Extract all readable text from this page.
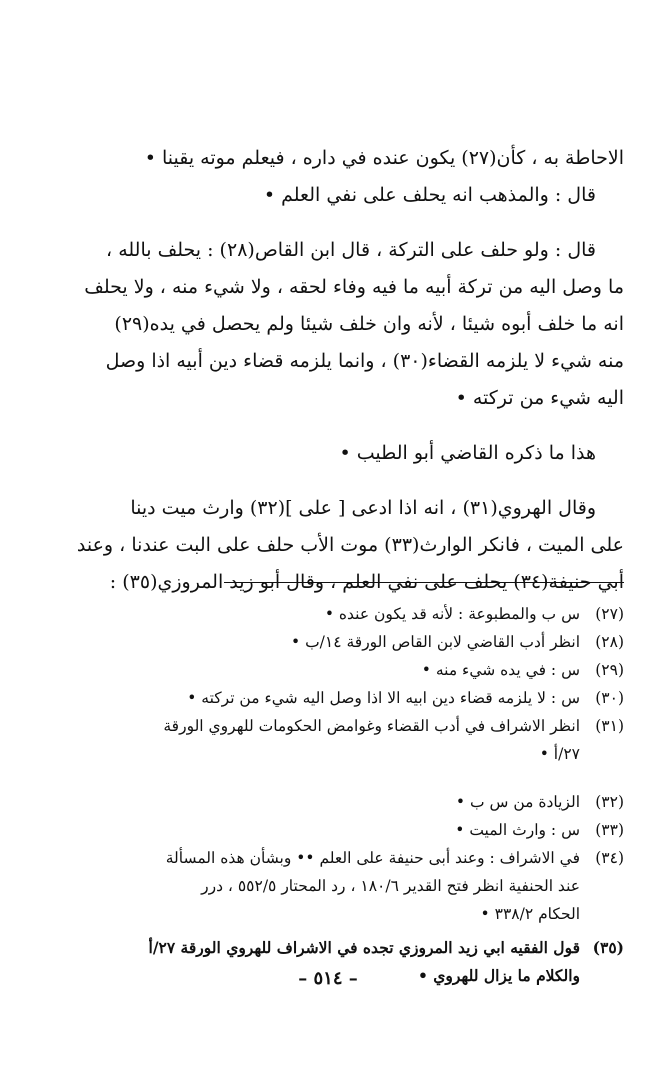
الاحاطة به ، كأن(٢٧) يكون عنده في داره ، فيعلم موته يقينا •
قال : والمذهب انه يحلف على نفي العلم •
قال : ولو حلف على التركة ، قال ابن القاص(٢٨) : يحلف بالله ،
ما وصل اليه من تركة أبيه ما فيه وفاء لحقه ، ولا شيء منه ، ولا يحلف
انه ما خلف أبوه شيئا ، لأنه وان خلف شيئا ولم يحصل في يده(٢٩)
منه شيء لا يلزمه القضاء(٣٠) ، وانما يلزمه قضاء دين أبيه اذا وصل
اليه شيء من تركته •
هذا ما ذكره القاضي أبو الطيب •
وقال الهروي(٣١) ، انه اذا ادعى [ على ](٣٢) وارث ميت دينا
على الميت ، فانكر الوارث(٣٣) موت الأب حلف على البت عندنا ، وعند
أبي حنيفة(٣٤) يحلف على نفي العلم ، وقال أبو زيد المروزي(٣٥) :
(٢٧)
س ب والمطبوعة : لأنه قد يكون عنده •
(٢٨)
انظر أدب القاضي لابن القاص الورقة ١٤/ب •
(٢٩)
س : في يده شيء منه •
(٣٠)
س : لا يلزمه قضاء دين ابيه الا اذا وصل اليه شيء من تركته •
(٣١)
انظر الاشراف في أدب القضاء وغوامض الحكومات للهروي الورقة
٢٧/أ •
(٣٢)
الزيادة من س ب •
(٣٣)
س : وارث الميت •
(٣٤)
في الاشراف : وعند أبى حنيفة على العلم •• وبشأن هذه المسألة
عند الحنفية انظر فتح القدير ١٨٠/٦ ، رد المحتار ٥٥٢/٥ ، درر
الحكام ٣٣٨/٢ •
(٣٥)
قول الفقيه ابي زيد المروزي تجده في الاشراف للهروي الورقة ٢٧/أ
والكلام ما يزال للهروي •
– ٥١٤ –
